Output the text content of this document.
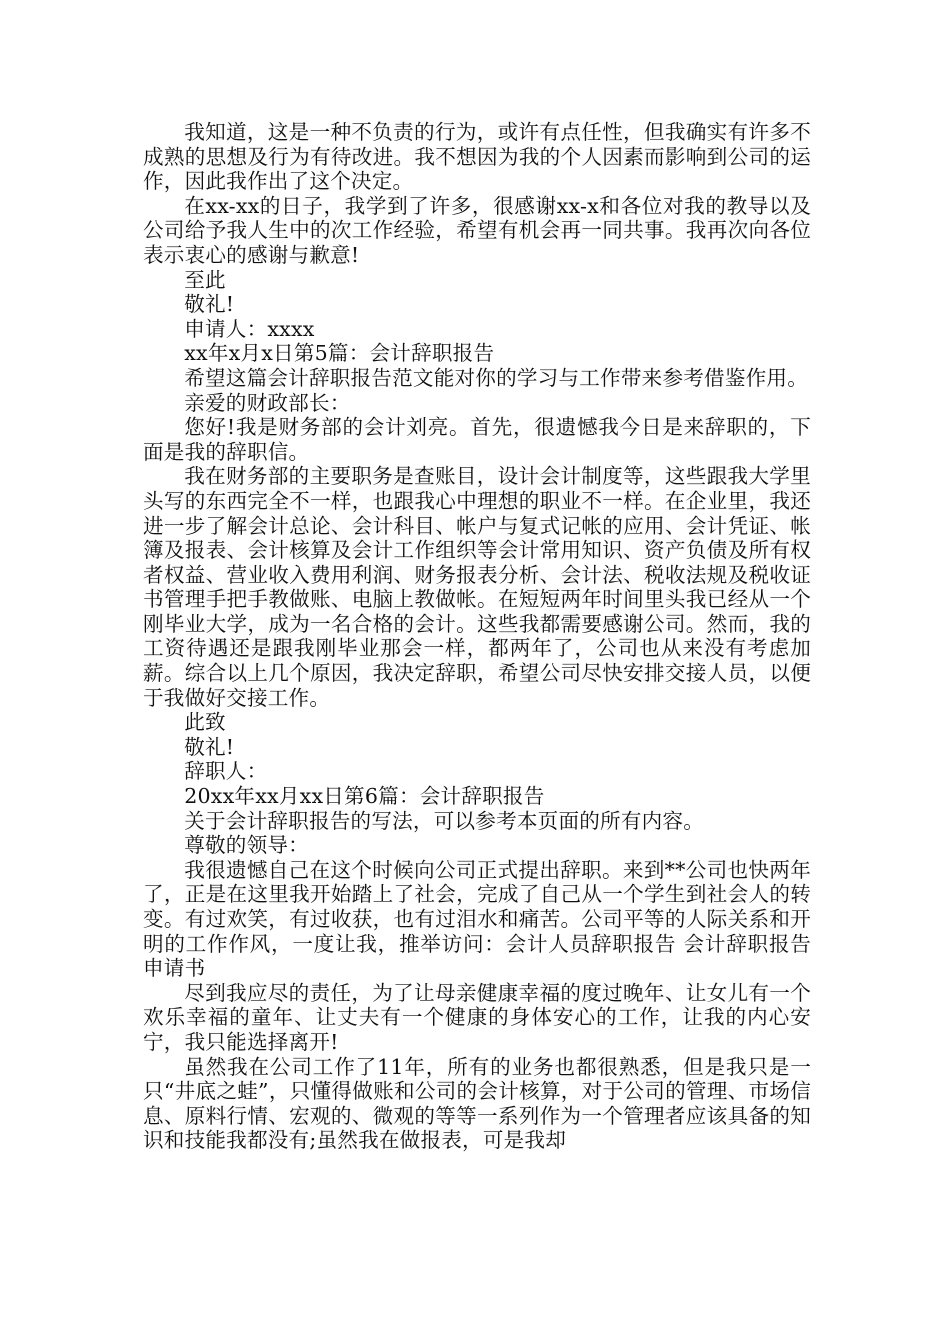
我知道，这是一种不负责的行为，或许有点任性，但我确实有许多不成熟的思想及行为有待改进。我不想因为我的个人因素而影响到公司的运作，因此我作出了这个决定。

在xx-xx的日子，我学到了许多，很感谢xx-x和各位对我的教导以及公司给予我人生中的次工作经验，希望有机会再一同共事。我再次向各位表示衷心的感谢与歉意!

至此

敬礼!

申请人：xxxx

xx年x月x日第5篇：会计辞职报告

希望这篇会计辞职报告范文能对你的学习与工作带来参考借鉴作用。

亲爱的财政部长：

您好!我是财务部的会计刘亮。首先，很遗憾我今日是来辞职的，下面是我的辞职信。

我在财务部的主要职务是查账目，设计会计制度等，这些跟我大学里头写的东西完全不一样，也跟我心中理想的职业不一样。在企业里，我还进一步了解会计总论、会计科目、帐户与复式记帐的应用、会计凭证、帐簿及报表、会计核算及会计工作组织等会计常用知识、资产负债及所有权者权益、营业收入费用利润、财务报表分析、会计法、税收法规及税收证书管理手把手教做账、电脑上教做帐。在短短两年时间里头我已经从一个刚毕业大学，成为一名合格的会计。这些我都需要感谢公司。然而，我的工资待遇还是跟我刚毕业那会一样，都两年了，公司也从来没有考虑加薪。综合以上几个原因，我决定辞职，希望公司尽快安排交接人员，以便于我做好交接工作。

此致

敬礼!

辞职人：

20xx年xx月xx日第6篇：会计辞职报告

关于会计辞职报告的写法，可以参考本页面的所有内容。

尊敬的领导：

我很遗憾自己在这个时候向公司正式提出辞职。来到**公司也快两年了，正是在这里我开始踏上了社会，完成了自己从一个学生到社会人的转变。有过欢笑，有过收获，也有过泪水和痛苦。公司平等的人际关系和开明的工作作风，一度让我，推举访问：会计人员辞职报告 会计辞职报告申请书

尽到我应尽的责任，为了让母亲健康幸福的度过晚年、让女儿有一个欢乐幸福的童年、让丈夫有一个健康的身体安心的工作，让我的内心安宁，我只能选择离开!

虽然我在公司工作了11年，所有的业务也都很熟悉，但是我只是一只“井底之蛙”，只懂得做账和公司的会计核算，对于公司的管理、市场信息、原料行情、宏观的、微观的等等一系列作为一个管理者应该具备的知识和技能我都没有;虽然我在做报表，可是我却
